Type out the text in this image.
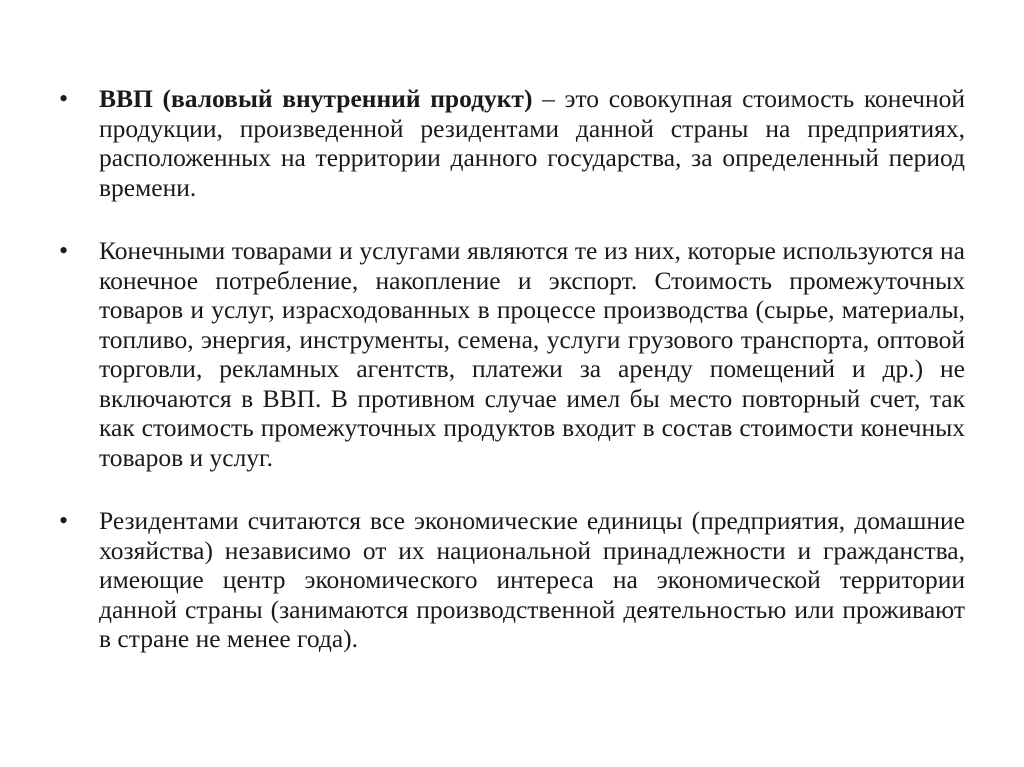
• ВВП (валовый внутренний продукт) – это совокупная стоимость конечной продукции, произведенной резидентами данной страны на предприятиях, расположенных на территории данного государства, за определенный период времени.
• Конечными товарами и услугами являются те из них, которые используются на конечное потребление, накопление и экспорт. Стоимость промежуточных товаров и услуг, израсходованных в процессе производства (сырье, материалы, топливо, энергия, инструменты, семена, услуги грузового транспорта, оптовой торговли, рекламных агентств, платежи за аренду помещений и др.) не включаются в ВВП. В противном случае имел бы место повторный счет, так как стоимость промежуточных продуктов входит в состав стоимости конечных товаров и услуг.
• Резидентами считаются все экономические единицы (предприятия, домашние хозяйства) независимо от их национальной принадлежности и гражданства, имеющие центр экономического интереса на экономической территории данной страны (занимаются производственной деятельностью или проживают в стране не менее года).
